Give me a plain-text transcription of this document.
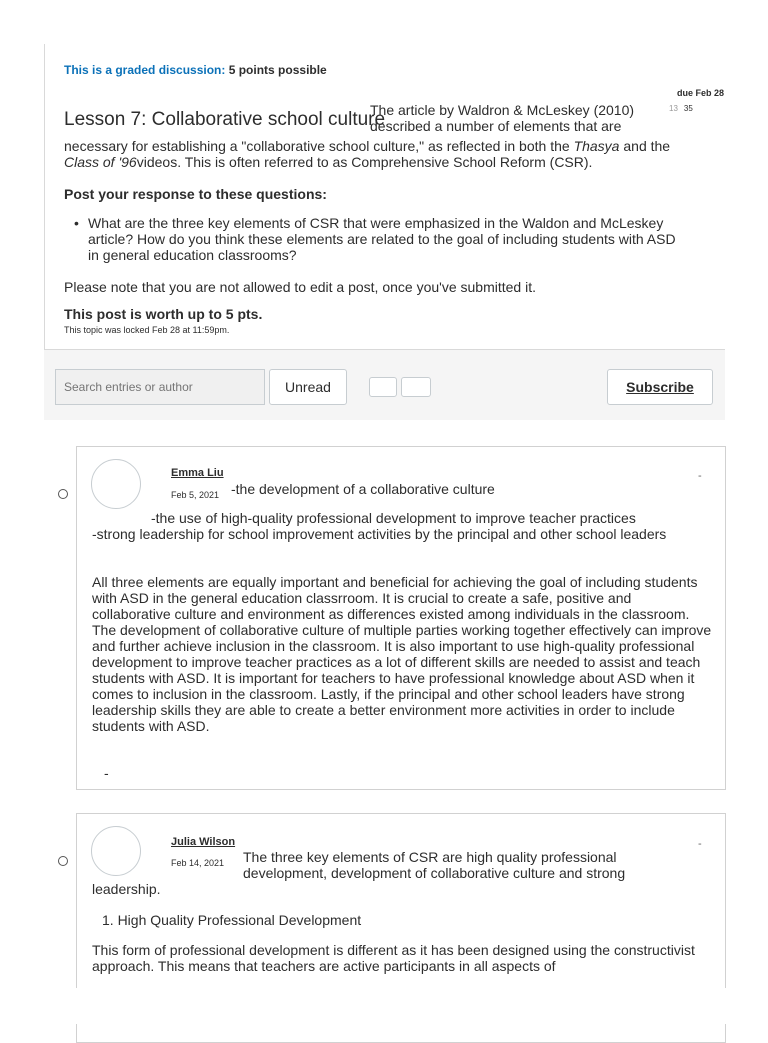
This is a graded discussion: 5 points possible
due Feb 28
13 35
Lesson 7: Collaborative school culture
The article by Waldron & McLeskey (2010) described a number of elements that are
necessary for establishing a "collaborative school culture," as reflected in both the Thasya and the Class of '96videos. This is often referred to as Comprehensive School Reform (CSR).
Post your response to these questions:
• What are the three key elements of CSR that were emphasized in the Waldon and McLeskey article? How do you think these elements are related to the goal of including students with ASD in general education classrooms?
Please note that you are not allowed to edit a post, once you've submitted it.
This post is worth up to 5 pts.
This topic was locked Feb 28 at 11:59pm.
Search entries or author
Unread	Subscribe
Emma Liu
Feb 5, 2021 -the development of a collaborative culture
-
-the use of high-quality professional development to improve teacher practices
-strong leadership for school improvement activities by the principal and other school leaders
All three elements are equally important and beneficial for achieving the goal of including students with ASD in the general education classrroom. It is crucial to create a safe, positive and collaborative culture and environment as differences existed among individuals in the classroom. The development of collaborative culture of multiple parties working together effectively can improve and further achieve inclusion in the classroom. It is also important to use high-quality professional development to improve teacher practices as a lot of different skills are needed to assist and teach students with ASD. It is important for teachers to have professional knowledge about ASD when it comes to inclusion in the classroom. Lastly, if the principal and other school leaders have strong leadership skills they are able to create a better environment more activities in order to include students with ASD.
-
Julia Wilson
Feb 14, 2021 The three key elements of CSR are high quality professional
development, development of collaborative culture and strong
-
leadership.
1. High Quality Professional Development
This form of professional development is different as it has been designed using the constructivist approach. This means that teachers are active participants in all aspects of
